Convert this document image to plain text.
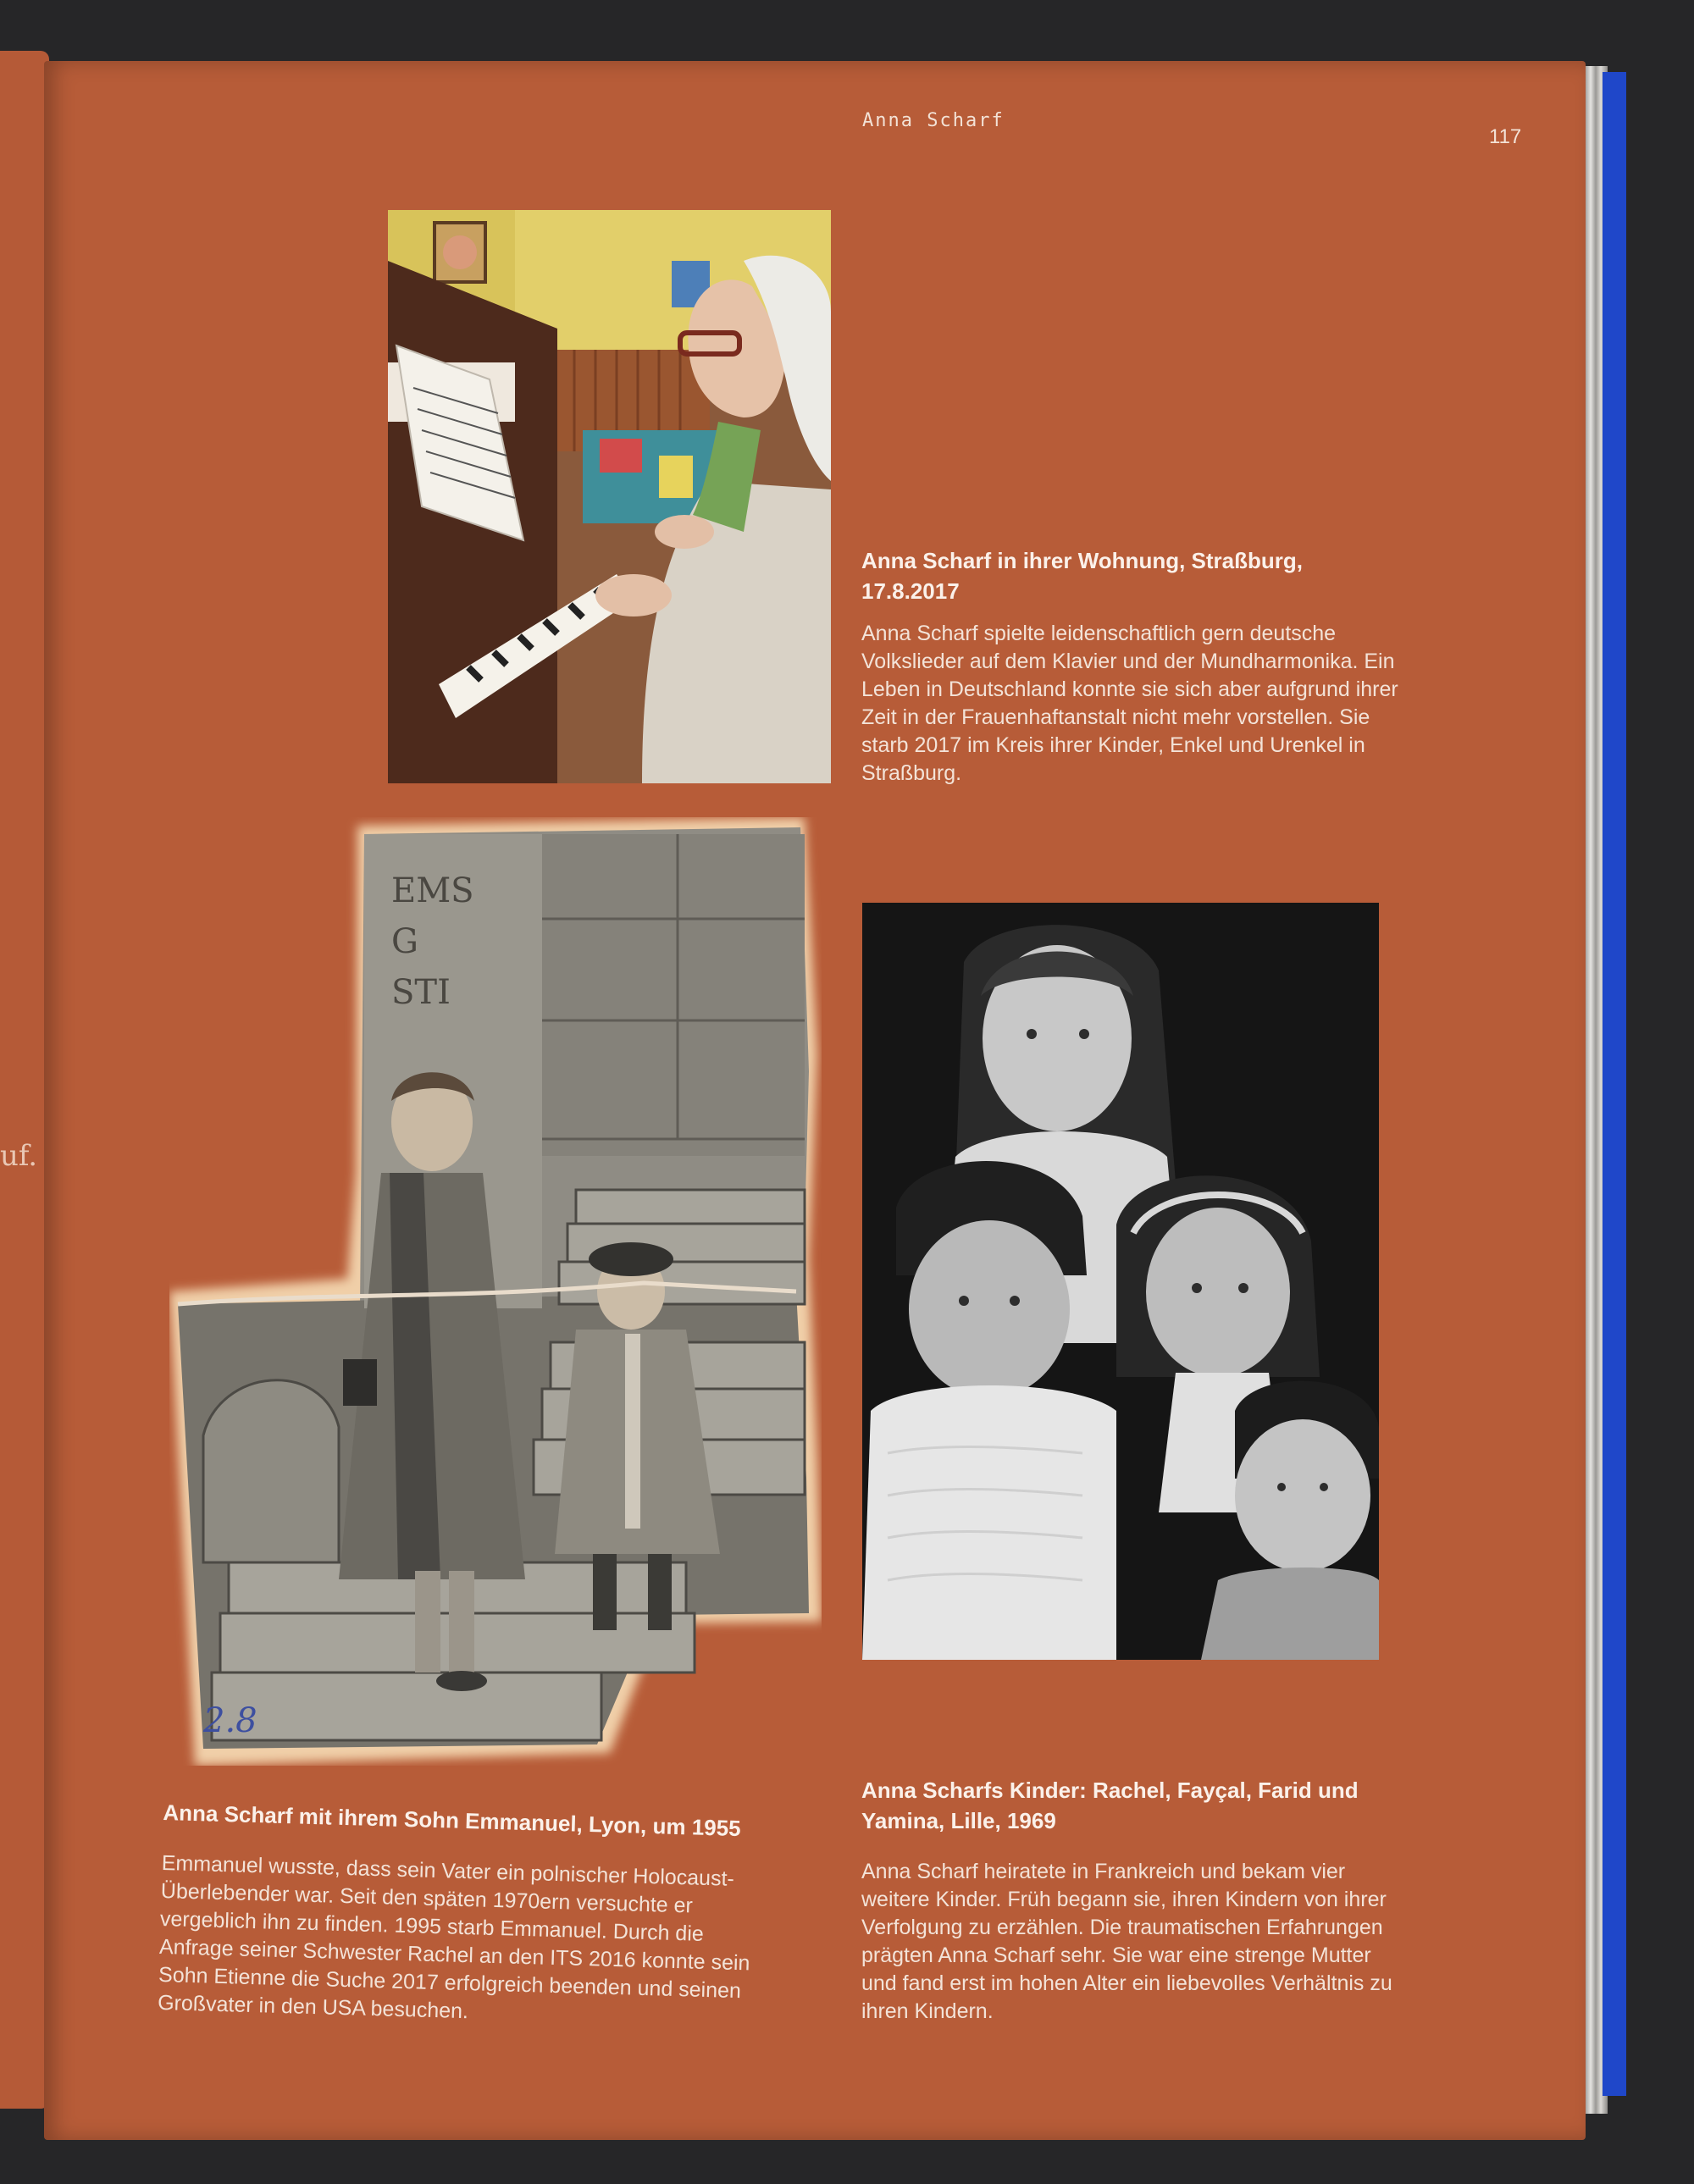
uf.
Anna Scharf
117

Anna Scharf in ihrer Wohnung, Straßburg, 17.8.2017

Anna Scharf spielte leidenschaftlich gern deutsche Volkslieder auf dem Klavier und der Mundharmonika. Ein Leben in Deutschland konnte sie sich aber aufgrund ihrer Zeit in der Frauenhaftanstalt nicht mehr vorstellen. Sie starb 2017 im Kreis ihrer Kinder, Enkel und Urenkel in Straßburg.

EMS
G
STI
2.8

Anna Scharf mit ihrem Sohn Emmanuel, Lyon, um 1955

Emmanuel wusste, dass sein Vater ein polnischer Holocaust-Überlebender war. Seit den späten 1970ern versuchte er vergeblich ihn zu finden. 1995 starb Emmanuel. Durch die Anfrage seiner Schwester Rachel an den ITS 2016 konnte sein Sohn Etienne die Suche 2017 erfolgreich beenden und seinen Großvater in den USA besuchen.

Anna Scharfs Kinder: Rachel, Fayçal, Farid und Yamina, Lille, 1969

Anna Scharf heiratete in Frankreich und bekam vier weitere Kinder. Früh begann sie, ihren Kindern von ihrer Verfolgung zu erzählen. Die traumatischen Erfahrungen prägten Anna Scharf sehr. Sie war eine strenge Mutter und fand erst im hohen Alter ein liebevolles Verhältnis zu ihren Kindern.
